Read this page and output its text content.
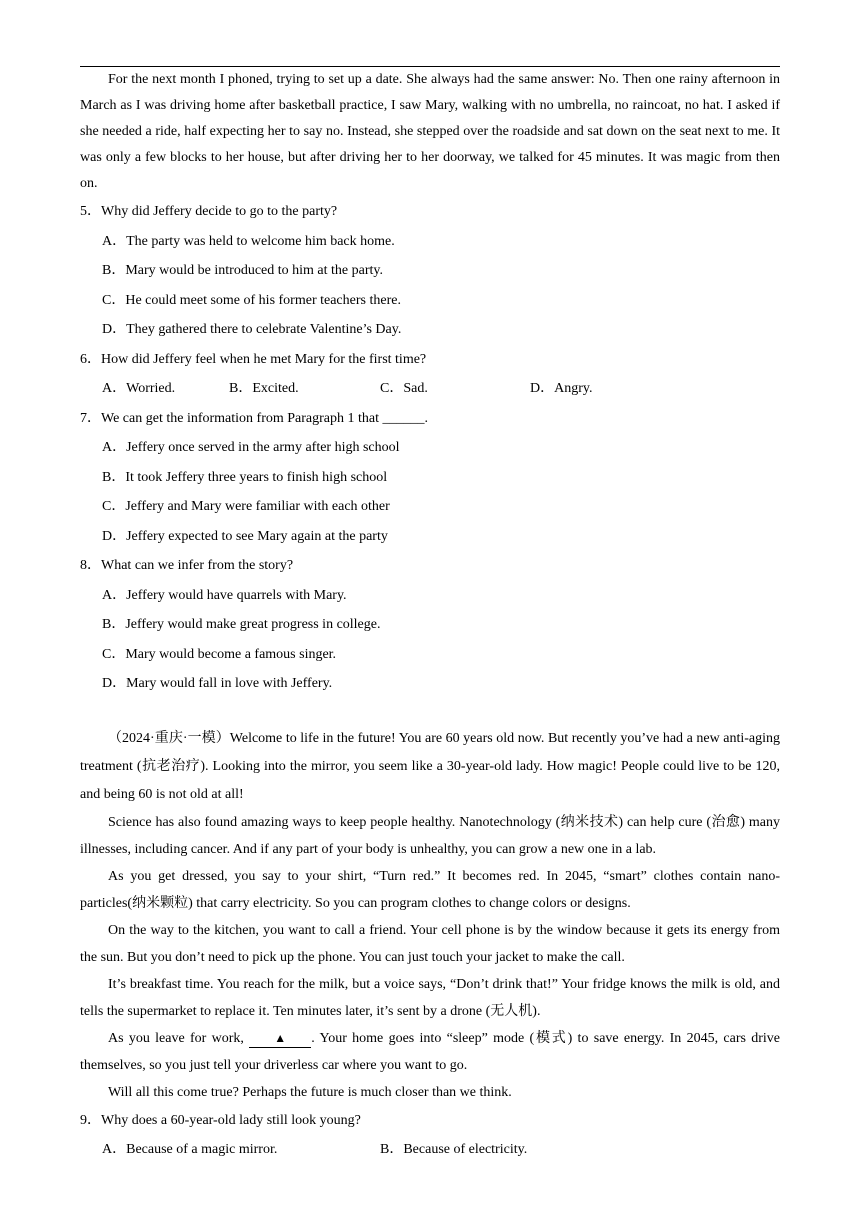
For the next month I phoned, trying to set up a date. She always had the same answer: No. Then one rainy afternoon in March as I was driving home after basketball practice, I saw Mary, walking with no umbrella, no raincoat, no hat. I asked if she needed a ride, half expecting her to say no. Instead, she stepped over the roadside and sat down on the seat next to me. It was only a few blocks to her house, but after driving her to her doorway, we talked for 45 minutes. It was magic from then on.

5．Why did Jeffery decide to go to the party?

A．The party was held to welcome him back home.

B．Mary would be introduced to him at the party.

C．He could meet some of his former teachers there.

D．They gathered there to celebrate Valentine’s Day.

6．How did Jeffery feel when he met Mary for the first time?

A．Worried.	B．Excited.	C．Sad.	D．Angry.

7．We can get the information from Paragraph 1 that ______.

A．Jeffery once served in the army after high school

B．It took Jeffery three years to finish high school

C．Jeffery and Mary were familiar with each other

D．Jeffery expected to see Mary again at the party

8．What can we infer from the story?

A．Jeffery would have quarrels with Mary.

B．Jeffery would make great progress in college.

C．Mary would become a famous singer.

D．Mary would fall in love with Jeffery.

（2024·重庆·一模）Welcome to life in the future! You are 60 years old now. But recently you’ve had a new anti-aging treatment (抗老治疗). Looking into the mirror, you seem like a 30-year-old lady. How magic! People could live to be 120, and being 60 is not old at all!

Science has also found amazing ways to keep people healthy. Nanotechnology (纳米技术) can help cure (治愈) many illnesses, including cancer. And if any part of your body is unhealthy, you can grow a new one in a lab.

As you get dressed, you say to your shirt, “Turn red.” It becomes red. In 2045, “smart” clothes contain nano-particles(纳米颗粒) that carry electricity. So you can program clothes to change colors or designs.

On the way to the kitchen, you want to call a friend. Your cell phone is by the window because it gets its energy from the sun. But you don’t need to pick up the phone. You can just touch your jacket to make the call.

It’s breakfast time. You reach for the milk, but a voice says, “Don’t drink that!” Your fridge knows the milk is old, and tells the supermarket to replace it. Ten minutes later, it’s sent by a drone (无人机).

As you leave for work,	▲ . Your home goes into “sleep” mode (模式) to save energy. In 2045, cars drive themselves, so you just tell your driverless car where you want to go.

Will all this come true? Perhaps the future is much closer than we think.

9．Why does a 60-year-old lady still look young?

A．Because of a magic mirror.	B．Because of electricity.
